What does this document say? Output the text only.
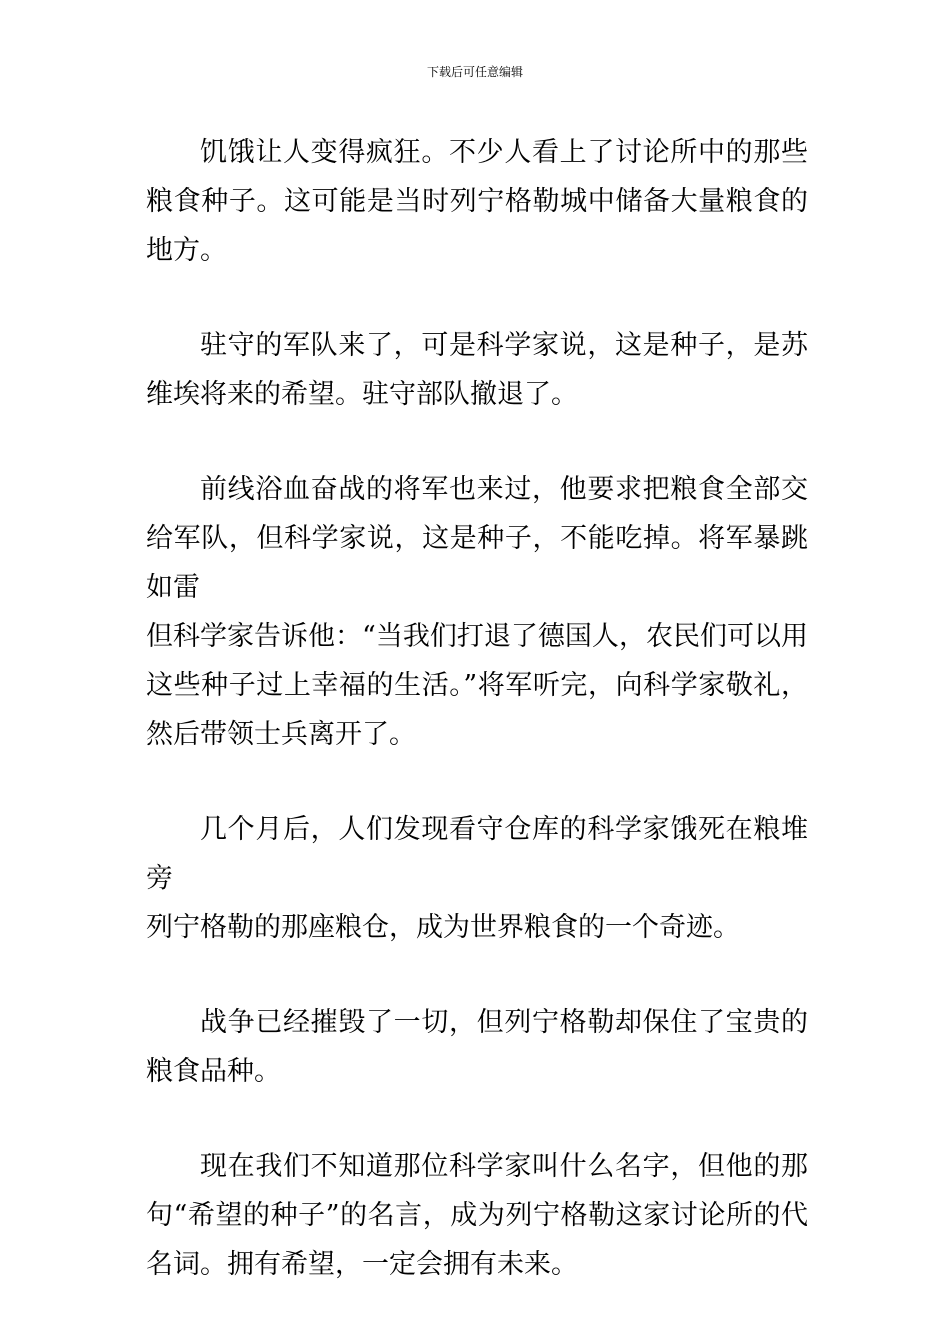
下载后可任意编辑

饥饿让人变得疯狂。不少人看上了讨论所中的那些粮食种子。这可能是当时列宁格勒城中储备大量粮食的地方。

驻守的军队来了，可是科学家说，这是种子，是苏维埃将来的希望。驻守部队撤退了。

前线浴血奋战的将军也来过，他要求把粮食全部交给军队，但科学家说，这是种子，不能吃掉。将军暴跳如雷
但科学家告诉他：“当我们打退了德国人，农民们可以用这些种子过上幸福的生活。”将军听完，向科学家敬礼，然后带领士兵离开了。

几个月后，人们发现看守仓库的科学家饿死在粮堆旁
列宁格勒的那座粮仓，成为世界粮食的一个奇迹。

战争已经摧毁了一切，但列宁格勒却保住了宝贵的粮食品种。

现在我们不知道那位科学家叫什么名字，但他的那句“希望的种子”的名言，成为列宁格勒这家讨论所的代名词。拥有希望，一定会拥有未来。
